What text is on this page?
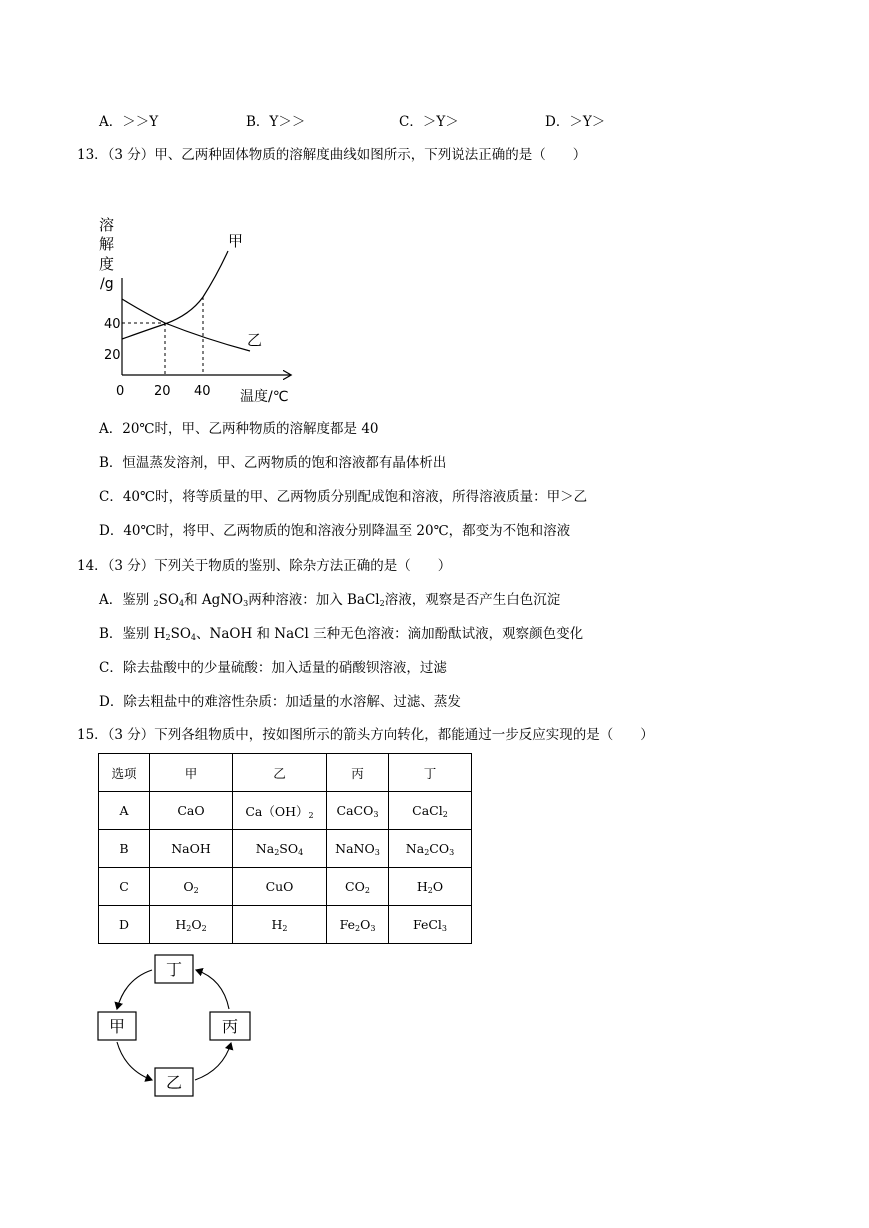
A．＞＞Y	B．Y＞＞	C．＞Y＞	D．＞Y＞
13．（3 分）甲、乙两种固体物质的溶解度曲线如图所示，下列说法正确的是（　　）
溶
解
度
/g
40
20
0 20 40 温度/℃
甲
乙
A．20℃时，甲、乙两种物质的溶解度都是 40
B．恒温蒸发溶剂，甲、乙两物质的饱和溶液都有晶体析出
C．40℃时，将等质量的甲、乙两物质分别配成饱和溶液，所得溶液质量：甲＞乙
D．40℃时，将甲、乙两物质的饱和溶液分别降温至 20℃，都变为不饱和溶液
14．（3 分）下列关于物质的鉴别、除杂方法正确的是（　　）
A．鉴别 $_2SO_4$和 AgNO$_3$两种溶液：加入 BaCl$_2$溶液，观察是否产生白色沉淀
B．鉴别 $H_2SO_4$、NaOH 和 NaCl 三种无色溶液：滴加酚酞试液，观察颜色变化
C．除去盐酸中的少量硫酸：加入适量的硝酸钡溶液，过滤
D．除去粗盐中的难溶性杂质：加适量的水溶解、过滤、蒸发
15．（3 分）下列各组物质中，按如图所示的箭头方向转化，都能通过一步反应实现的是（　　）
选项	甲	乙	丙	丁
A	CaO	$Ca(OH)_2$	CaCO$_3$	CaCl$_2$
B	NaOH	$Na_2SO_4$	NaNO$_3$	$Na_2CO_3$
C	$O_2$	CuO	$CO_2$	$H_2O$
D	$H_2O_2$	$H_2$	$Fe_2O_3$	FeCl$_3$
丁
甲	丙
乙
